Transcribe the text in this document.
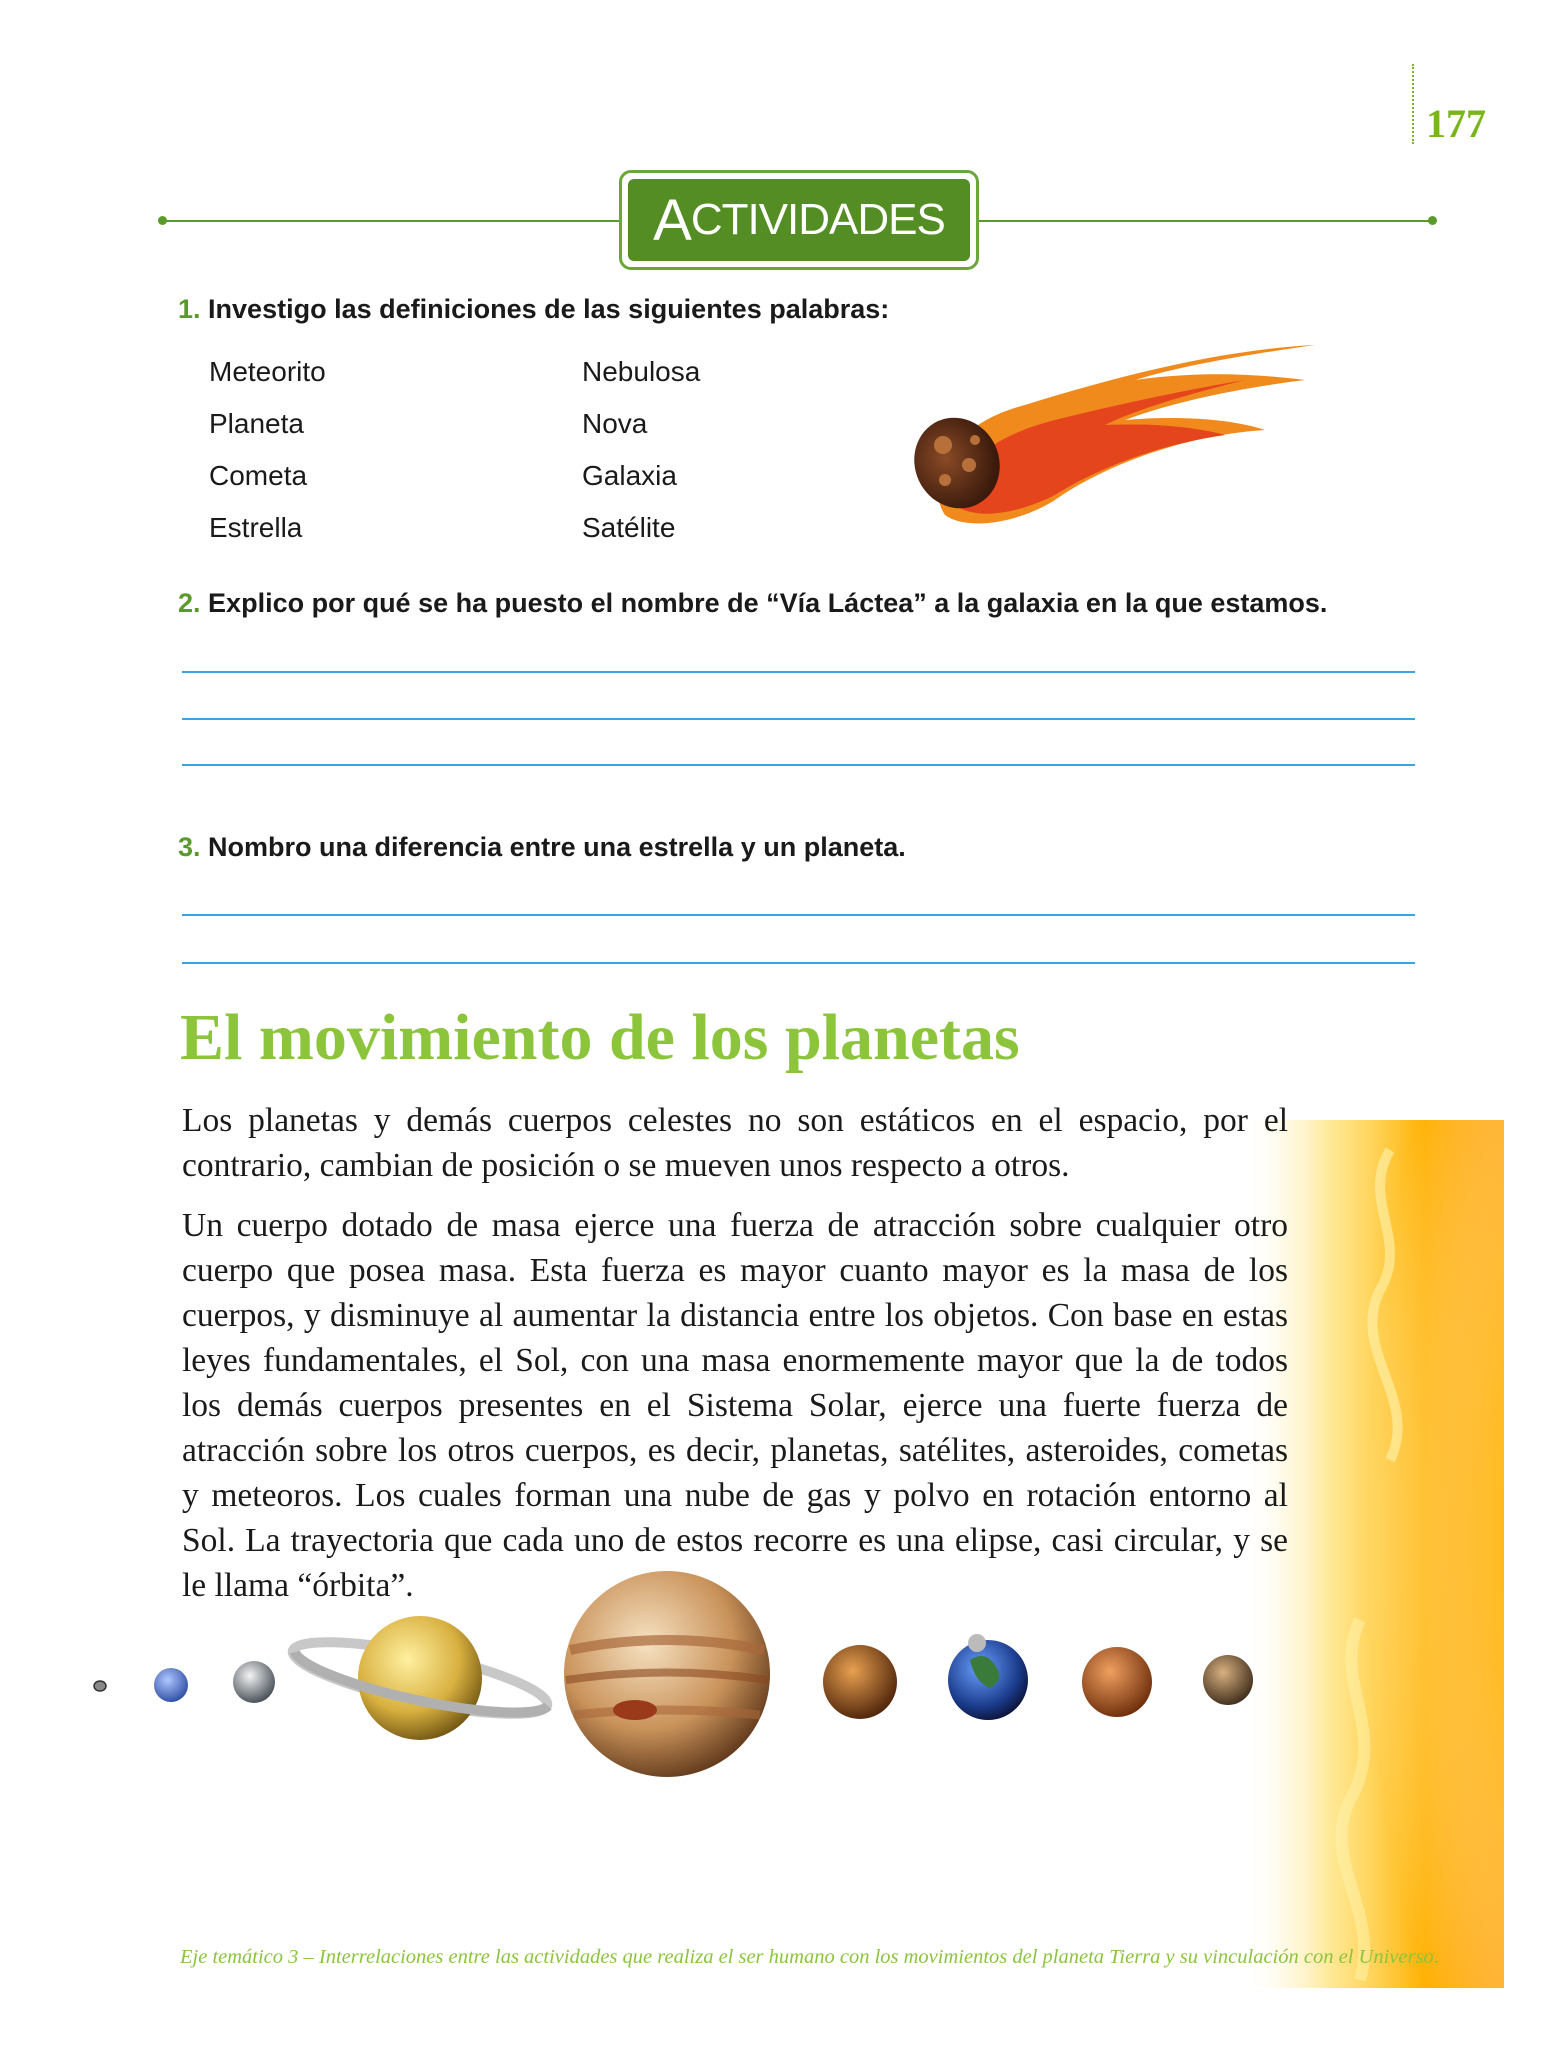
177
A CTIVIDADES
1. Investigo las definiciones de las siguientes palabras:
Meteorito
Planeta
Cometa
Estrella
Nebulosa
Nova
Galaxia
Satélite
2. Explico por qué se ha puesto el nombre de “Vía Láctea” a la galaxia en la que estamos.
3. Nombro una diferencia entre una estrella y un planeta.
El movimiento de los planetas

Los planetas y demás cuerpos celestes no son estáticos en el espacio, por el contrario, cambian de posición o se mueven unos respecto a otros.

Un cuerpo dotado de masa ejerce una fuerza de atracción sobre cualquier otro cuerpo que posea masa. Esta fuerza es mayor cuanto mayor es la masa de los cuerpos, y disminuye al aumentar la distancia entre los objetos. Con base en estas leyes fundamentales, el Sol, con una masa enormemente mayor que la de todos los demás cuerpos presentes en el Sistema Solar, ejerce una fuerte fuerza de atracción sobre los otros cuerpos, es decir, planetas, satélites, asteroides, cometas y meteoros. Los cuales forman una nube de gas y polvo en rotación entorno al Sol. La trayectoria que cada uno de estos recorre es una elipse, casi circular, y se le llama “órbita”.

Eje temático 3 – Interrelaciones entre las actividades que realiza el ser humano con los movimientos del planeta Tierra y su vinculación con el Universo.
